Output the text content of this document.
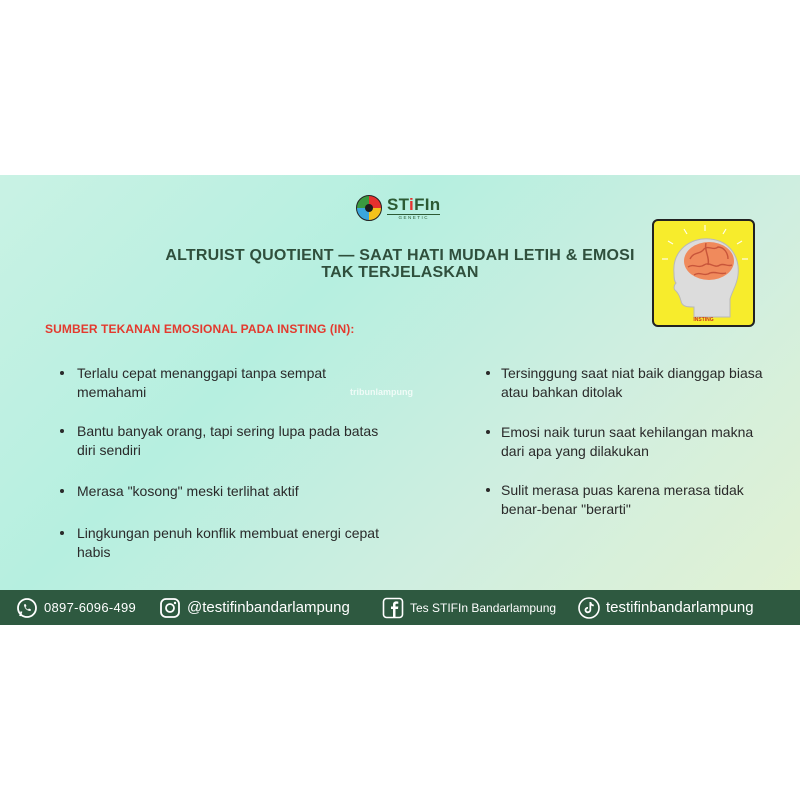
STiFIn
GENETIC
ALTRUIST QUOTIENT — SAAT HATI MUDAH LETIH & EMOSI TAK TERJELASKAN
INSTING
SUMBER TEKANAN EMOSIONAL PADA INSTING (IN):
Terlalu cepat menanggapi tanpa sempat memahami
Bantu banyak orang, tapi sering lupa pada batas diri sendiri
Merasa "kosong" meski terlihat aktif
Lingkungan penuh konflik membuat energi cepat habis
Tersinggung saat niat baik dianggap biasa atau bahkan ditolak
Emosi naik turun saat kehilangan makna dari apa yang dilakukan
Sulit merasa puas karena merasa tidak benar-benar "berarti"
tribunlampung
0897-6096-499	@testifinbandarlampung	Tes STIFIn Bandarlampung	testifinbandarlampung
